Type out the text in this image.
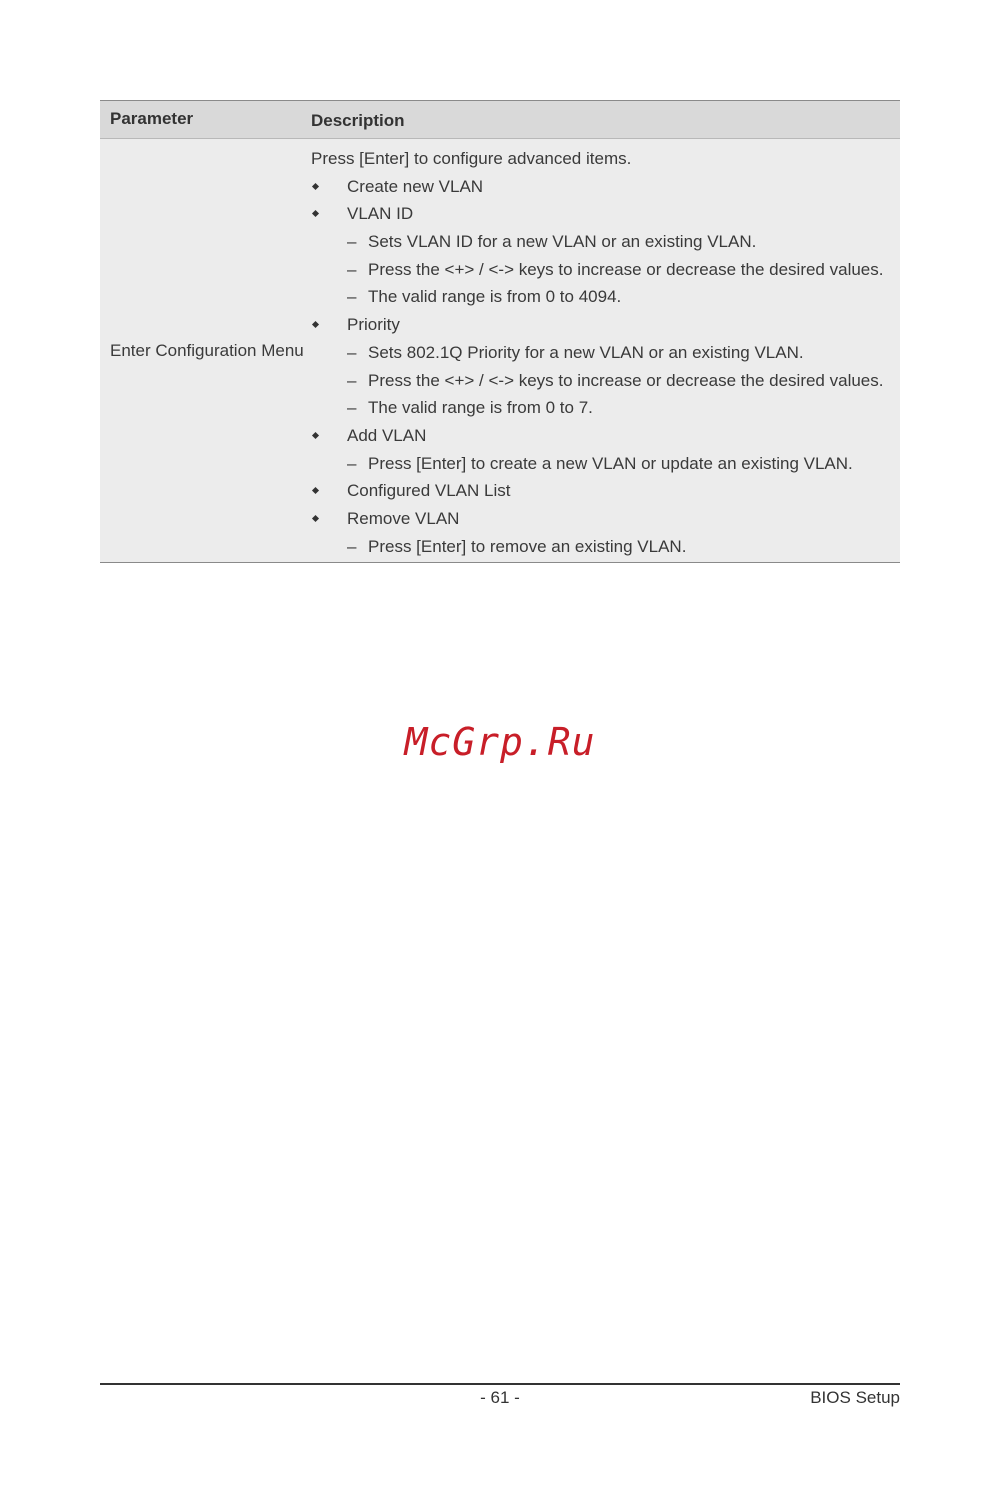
Parameter	Description
Enter Configuration Menu
Press [Enter] to configure advanced items.
Create new VLAN
VLAN ID
– Sets VLAN ID for a new VLAN or an existing VLAN.
– Press the <+> / <-> keys to increase or decrease the desired values.
– The valid range is from 0 to 4094.
Priority
– Sets 802.1Q Priority for a new VLAN or an existing VLAN.
– Press the <+> / <-> keys to increase or decrease the desired values.
– The valid range is from 0 to 7.
Add VLAN
– Press [Enter] to create a new VLAN or update an existing VLAN.
Configured VLAN List
Remove VLAN
– Press [Enter] to remove an existing VLAN.
McGrp.Ru
- 61 -	BIOS Setup
